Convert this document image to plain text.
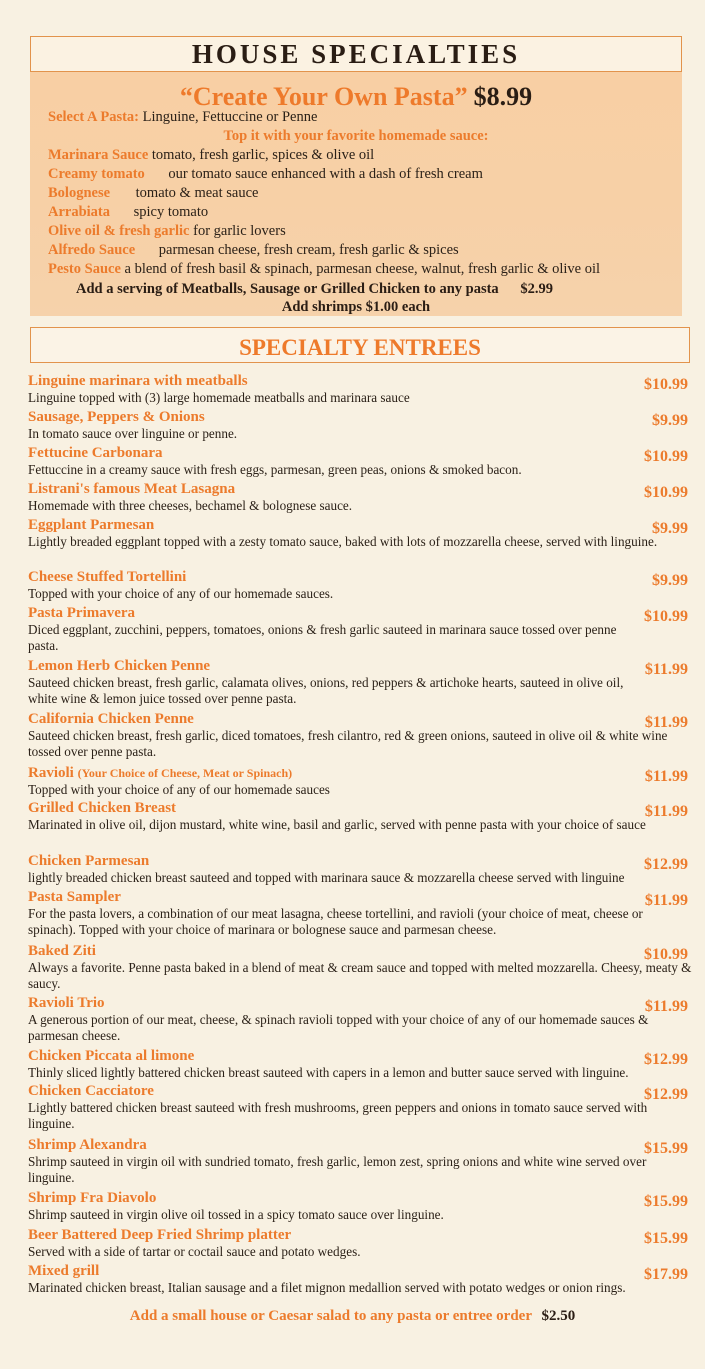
HOUSE SPECIALTIES
“Create Your Own Pasta” $8.99
Select A Pasta: Linguine, Fettuccine or Penne
Top it with your favorite homemade sauce:
Marinara Sauce tomato, fresh garlic, spices & olive oil
Creamy tomato our tomato sauce enhanced with a dash of fresh cream
Bolognese tomato & meat sauce
Arrabiata spicy tomato
Olive oil & fresh garlic for garlic lovers
Alfredo Sauce parmesan cheese, fresh cream, fresh garlic & spices
Pesto Sauce a blend of fresh basil & spinach, parmesan cheese, walnut, fresh garlic & olive oil
Add a serving of Meatballs, Sausage or Grilled Chicken to any pasta $2.99
Add shrimps $1.00 each
SPECIALTY ENTREES
Linguine marinara with meatballs	$10.99
Linguine topped with (3) large homemade meatballs and marinara sauce
Sausage, Peppers & Onions	$9.99
In tomato sauce over linguine or penne.
Fettucine Carbonara	$10.99
Fettuccine in a creamy sauce with fresh eggs, parmesan, green peas, onions & smoked bacon.
Listrani's famous Meat Lasagna	$10.99
Homemade with three cheeses, bechamel & bolognese sauce.
Eggplant Parmesan	$9.99
Lightly breaded eggplant topped with a zesty tomato sauce, baked with lots of mozzarella cheese, served with linguine.
Cheese Stuffed Tortellini	$9.99
Topped with your choice of any of our homemade sauces.
Pasta Primavera	$10.99
Diced eggplant, zucchini, peppers, tomatoes, onions & fresh garlic sauteed in marinara sauce tossed over penne pasta.
Lemon Herb Chicken Penne	$11.99
Sauteed chicken breast, fresh garlic, calamata olives, onions, red peppers & artichoke hearts, sauteed in olive oil, white wine & lemon juice tossed over penne pasta.
California Chicken Penne	$11.99
Sauteed chicken breast, fresh garlic, diced tomatoes, fresh cilantro, red & green onions, sauteed in olive oil & white wine tossed over penne pasta.
Ravioli (Your Choice of Cheese, Meat or Spinach)	$11.99
Topped with your choice of any of our homemade sauces
Grilled Chicken Breast	$11.99
Marinated in olive oil, dijon mustard, white wine, basil and garlic, served with penne pasta with your choice of sauce
Chicken Parmesan	$12.99
lightly breaded chicken breast sauteed and topped with marinara sauce & mozzarella cheese served with linguine
Pasta Sampler	$11.99
For the pasta lovers, a combination of our meat lasagna, cheese tortellini, and ravioli (your choice of meat, cheese or spinach). Topped with your choice of marinara or bolognese sauce and parmesan cheese.
Baked Ziti	$10.99
Always a favorite. Penne pasta baked in a blend of meat & cream sauce and topped with melted mozzarella. Cheesy, meaty & saucy.
Ravioli Trio	$11.99
A generous portion of our meat, cheese, & spinach ravioli topped with your choice of any of our homemade sauces & parmesan cheese.
Chicken Piccata al limone	$12.99
Thinly sliced lightly battered chicken breast sauteed with capers in a lemon and butter sauce served with linguine.
Chicken Cacciatore	$12.99
Lightly battered chicken breast sauteed with fresh mushrooms, green peppers and onions in tomato sauce served with linguine.
Shrimp Alexandra	$15.99
Shrimp sauteed in virgin oil with sundried tomato, fresh garlic, lemon zest, spring onions and white wine served over linguine.
Shrimp Fra Diavolo	$15.99
Shrimp sauteed in virgin olive oil tossed in a spicy tomato sauce over linguine.
Beer Battered Deep Fried Shrimp platter	$15.99
Served with a side of tartar or coctail sauce and potato wedges.
Mixed grill	$17.99
Marinated chicken breast, Italian sausage and a filet mignon medallion served with potato wedges or onion rings.
Add a small house or Caesar salad to any pasta or entree order $2.50
